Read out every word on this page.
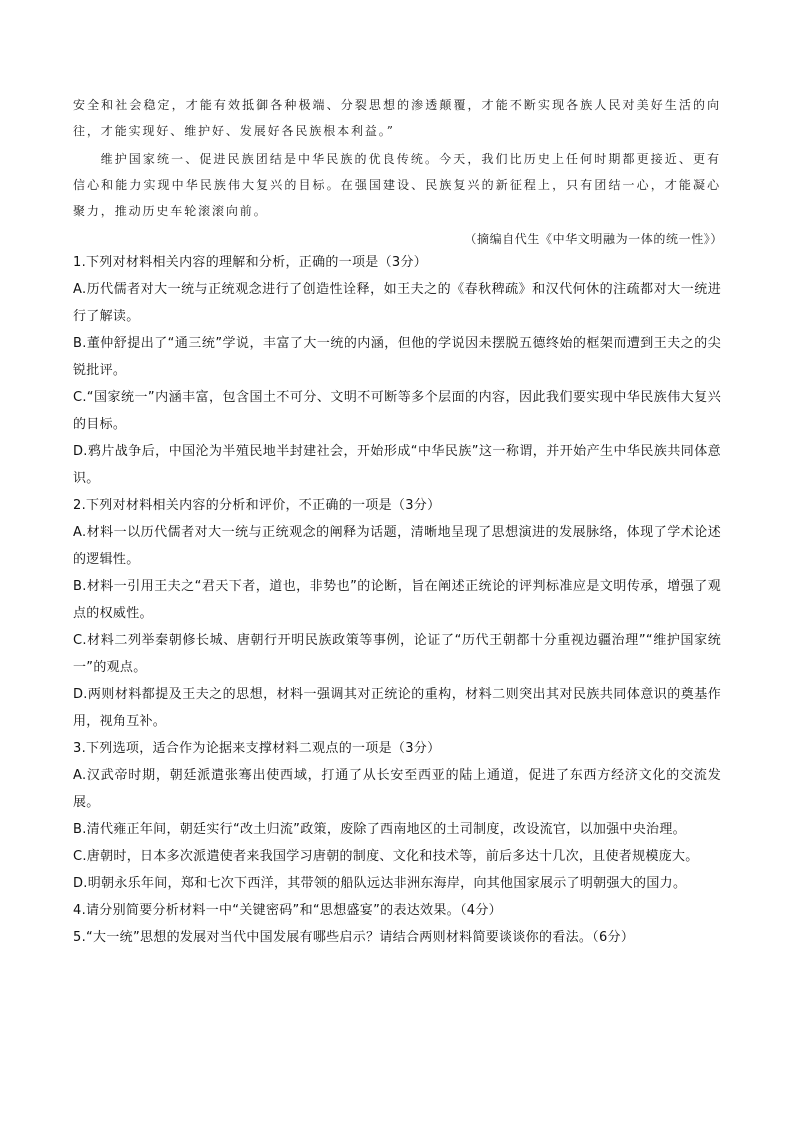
安全和社会稳定，才能有效抵御各种极端、分裂思想的渗透颠覆，才能不断实现各族人民对美好生活的向往，才能实现好、维护好、发展好各民族根本利益。”

维护国家统一、促进民族团结是中华民族的优良传统。今天，我们比历史上任何时期都更接近、更有信心和能力实现中华民族伟大复兴的目标。在强国建设、民族复兴的新征程上，只有团结一心，才能凝心聚力，推动历史车轮滚滚向前。

（摘编自代生《中华文明融为一体的统一性》）

1.下列对材料相关内容的理解和分析，正确的一项是（3分）

A.历代儒者对大一统与正统观念进行了创造性诠释，如王夫之的《春秋稗疏》和汉代何休的注疏都对大一统进行了解读。

B.董仲舒提出了“通三统”学说，丰富了大一统的内涵，但他的学说因未摆脱五德终始的框架而遭到王夫之的尖锐批评。

C.“国家统一”内涵丰富，包含国土不可分、文明不可断等多个层面的内容，因此我们要实现中华民族伟大复兴的目标。

D.鸦片战争后，中国沦为半殖民地半封建社会，开始形成“中华民族”这一称谓，并开始产生中华民族共同体意识。

2.下列对材料相关内容的分析和评价，不正确的一项是（3分）

A.材料一以历代儒者对大一统与正统观念的阐释为话题，清晰地呈现了思想演进的发展脉络，体现了学术论述的逻辑性。

B.材料一引用王夫之“君天下者，道也，非势也”的论断，旨在阐述正统论的评判标准应是文明传承，增强了观点的权威性。

C.材料二列举秦朝修长城、唐朝行开明民族政策等事例，论证了“历代王朝都十分重视边疆治理”“维护国家统一”的观点。

D.两则材料都提及王夫之的思想，材料一强调其对正统论的重构，材料二则突出其对民族共同体意识的奠基作用，视角互补。

3.下列选项，适合作为论据来支撑材料二观点的一项是（3分）

A.汉武帝时期，朝廷派遣张骞出使西域，打通了从长安至西亚的陆上通道，促进了东西方经济文化的交流发展。

B.清代雍正年间，朝廷实行“改土归流”政策，废除了西南地区的土司制度，改设流官，以加强中央治理。

C.唐朝时，日本多次派遣使者来我国学习唐朝的制度、文化和技术等，前后多达十几次，且使者规模庞大。

D.明朝永乐年间，郑和七次下西洋，其带领的船队远达非洲东海岸，向其他国家展示了明朝强大的国力。

4.请分别简要分析材料一中“关键密码”和“思想盛宴”的表达效果。（4分）

5.“大一统”思想的发展对当代中国发展有哪些启示？请结合两则材料简要谈谈你的看法。（6分）
